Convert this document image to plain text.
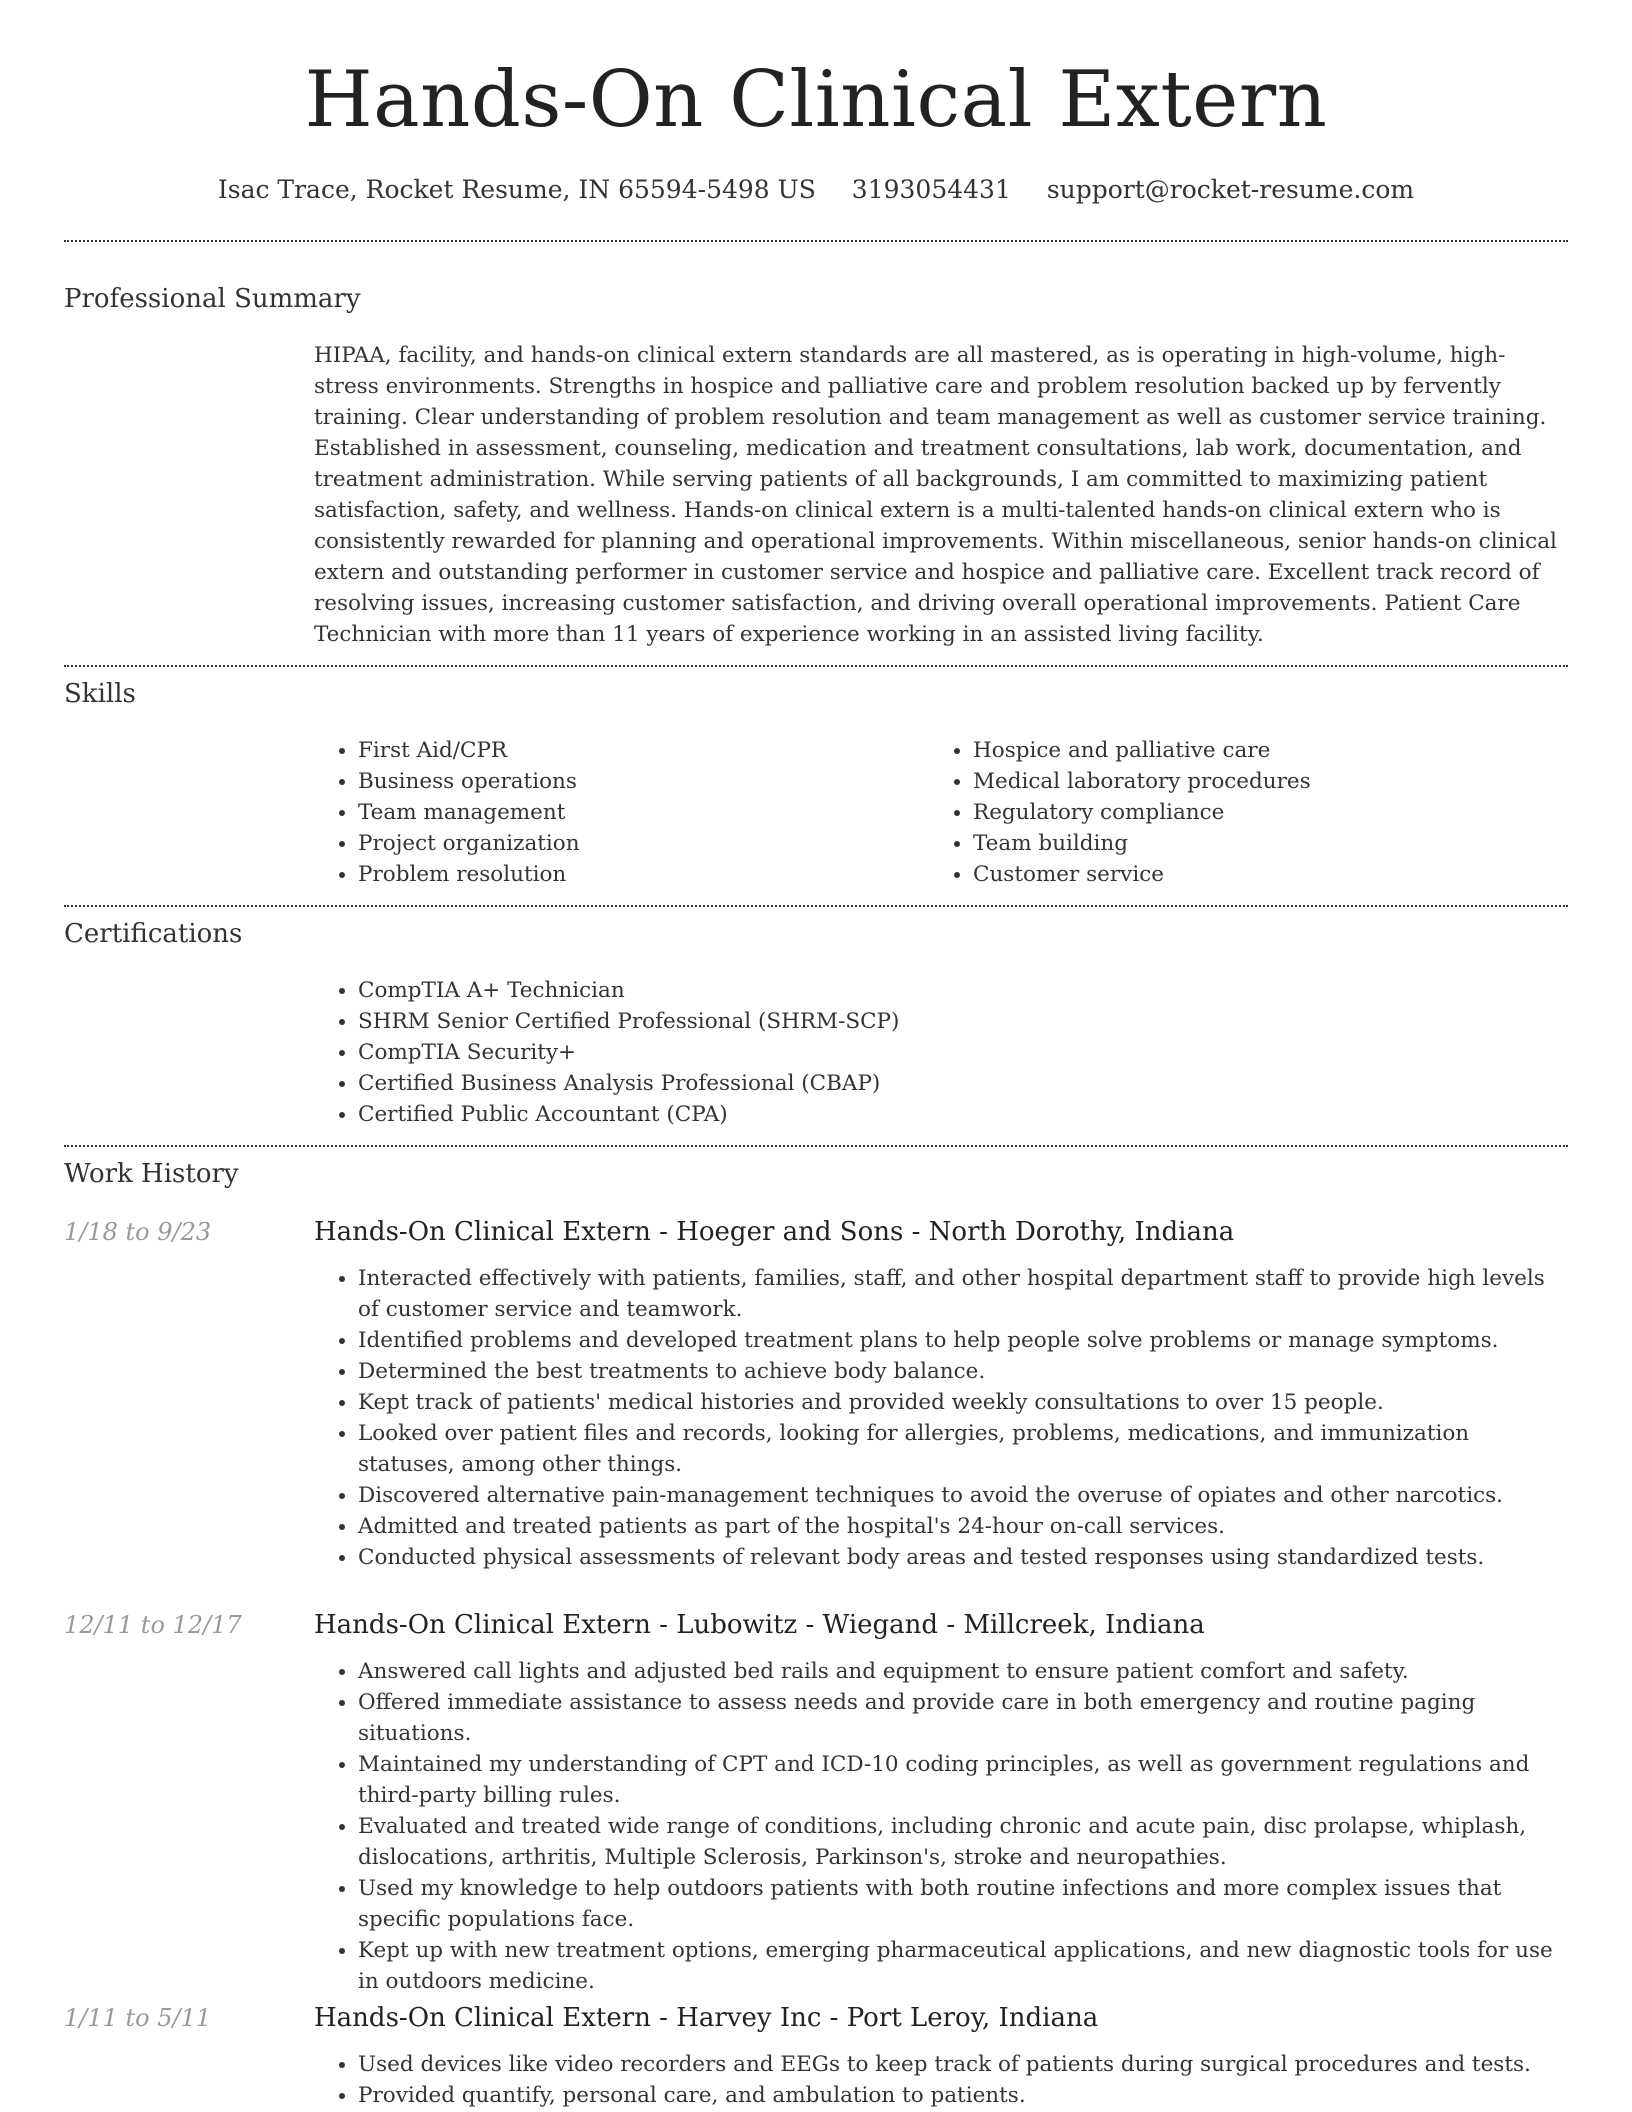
Hands-On Clinical Extern
Isac Trace, Rocket Resume, IN 65594-5498 US 3193054431 support@rocket-resume.com
Professional Summary

HIPAA, facility, and hands-on clinical extern standards are all mastered, as is operating in high-volume, high-stress environments. Strengths in hospice and palliative care and problem resolution backed up by fervently training. Clear understanding of problem resolution and team management as well as customer service training. Established in assessment, counseling, medication and treatment consultations, lab work, documentation, and treatment administration. While serving patients of all backgrounds, I am committed to maximizing patient satisfaction, safety, and wellness. Hands-on clinical extern is a multi-talented hands-on clinical extern who is consistently rewarded for planning and operational improvements. Within miscellaneous, senior hands-on clinical extern and outstanding performer in customer service and hospice and palliative care. Excellent track record of resolving issues, increasing customer satisfaction, and driving overall operational improvements. Patient Care Technician with more than 11 years of experience working in an assisted living facility.

Skills
• First Aid/CPR
• Business operations
• Team management
• Project organization
• Problem resolution
• Hospice and palliative care
• Medical laboratory procedures
• Regulatory compliance
• Team building
• Customer service
Certifications
• CompTIA A+ Technician
• SHRM Senior Certified Professional (SHRM-SCP)
• CompTIA Security+
• Certified Business Analysis Professional (CBAP)
• Certified Public Accountant (CPA)
Work History
1/18 to 9/23	Hands-On Clinical Extern - Hoeger and Sons - North Dorothy, Indiana
• Interacted effectively with patients, families, staff, and other hospital department staff to provide high levels of customer service and teamwork.
• Identified problems and developed treatment plans to help people solve problems or manage symptoms.
• Determined the best treatments to achieve body balance.
• Kept track of patients' medical histories and provided weekly consultations to over 15 people.
• Looked over patient files and records, looking for allergies, problems, medications, and immunization statuses, among other things.
• Discovered alternative pain-management techniques to avoid the overuse of opiates and other narcotics.
• Admitted and treated patients as part of the hospital's 24-hour on-call services.
• Conducted physical assessments of relevant body areas and tested responses using standardized tests.
12/11 to 12/17	Hands-On Clinical Extern - Lubowitz - Wiegand - Millcreek, Indiana
• Answered call lights and adjusted bed rails and equipment to ensure patient comfort and safety.
• Offered immediate assistance to assess needs and provide care in both emergency and routine paging situations.
• Maintained my understanding of CPT and ICD-10 coding principles, as well as government regulations and third-party billing rules.
• Evaluated and treated wide range of conditions, including chronic and acute pain, disc prolapse, whiplash, dislocations, arthritis, Multiple Sclerosis, Parkinson's, stroke and neuropathies.
• Used my knowledge to help outdoors patients with both routine infections and more complex issues that specific populations face.
• Kept up with new treatment options, emerging pharmaceutical applications, and new diagnostic tools for use in outdoors medicine.
1/11 to 5/11	Hands-On Clinical Extern - Harvey Inc - Port Leroy, Indiana
• Used devices like video recorders and EEGs to keep track of patients during surgical procedures and tests.
• Provided quantify, personal care, and ambulation to patients.
